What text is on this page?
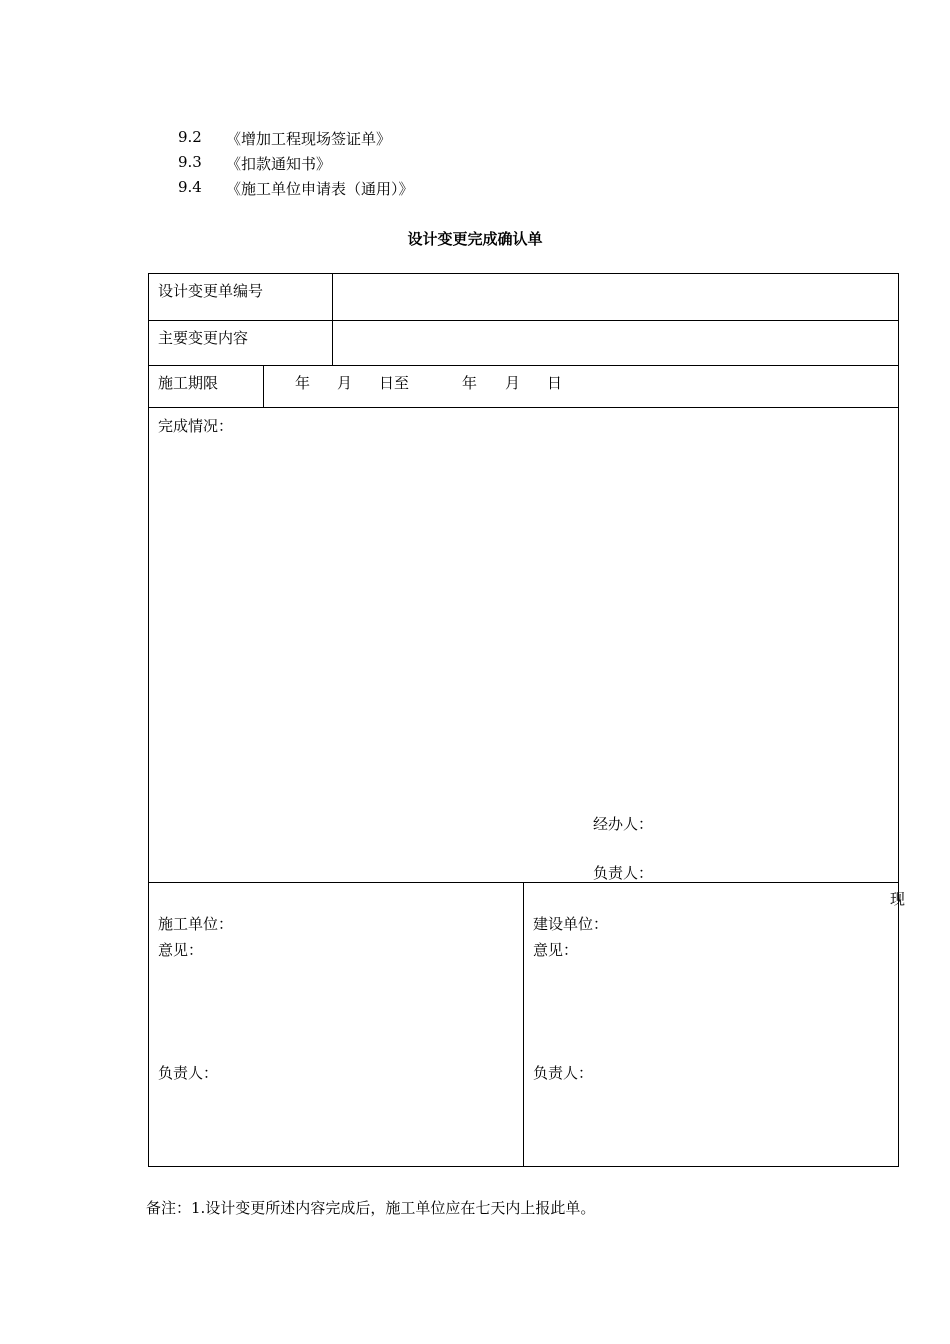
9.2 《增加工程现场签证单》
9.3 《扣款通知书》
9.4 《施工单位申请表（通用）》
设计变更完成确认单
设计变更单编号
主要变更内容
施工期限	年 月 日至	年 月 日
完成情况：
经办人：
负责人：
现
施工单位：
意见：
负责人：
建设单位：
意见：
负责人：
备注：1.设计变更所述内容完成后，施工单位应在七天内上报此单。
